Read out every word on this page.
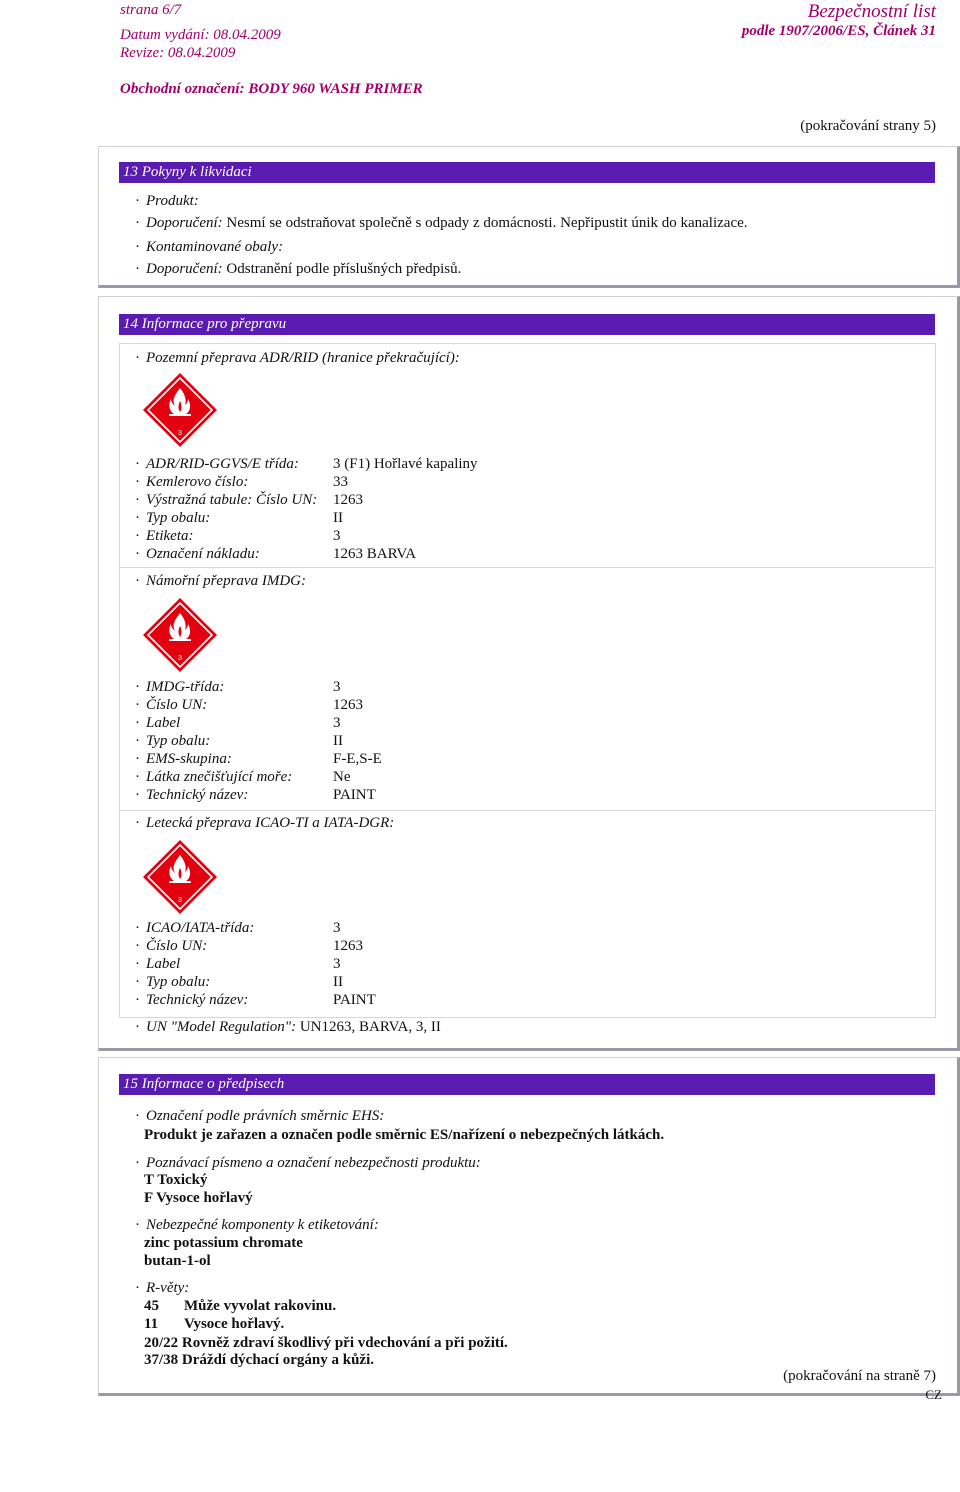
strana 6/7
Datum vydání: 08.04.2009
Revize: 08.04.2009
Bezpečnostní list
podle 1907/2006/ES, Článek 31
Obchodní označení: BODY 960 WASH PRIMER
(pokračování strany 5)
13 Pokyny k likvidaci
· Produkt:
· Doporučení: Nesmí se odstraňovat společně s odpady z domácnosti. Nepřipustit únik do kanalizace.
· Kontaminované obaly:
· Doporučení: Odstranění podle příslušných předpisů.
14 Informace pro přepravu
· Pozemní přeprava ADR/RID (hranice překračující):
3
· ADR/RID-GGVS/E třída: 3 (F1) Hořlavé kapaliny
· Kemlerovo číslo:	33
· Výstražná tabule: Číslo UN: 1263
· Typ obalu:	II
· Etiketa:	3
· Označení nákladu:	1263 BARVA
· Námořní přeprava IMDG:
3
· IMDG-třída:	3
· Číslo UN:	1263
· Label	3
· Typ obalu:	II
· EMS-skupina:	F-E,S-E
· Látka znečišťující moře:	Ne
· Technický název:	PAINT
· Letecká přeprava ICAO-TI a IATA-DGR:
3
· ICAO/IATA-třída:	3
· Číslo UN:	1263
· Label	3
· Typ obalu:	II
· Technický název:	PAINT
· UN "Model Regulation": UN1263, BARVA, 3, II
15 Informace o předpisech
· Označení podle právních směrnic EHS:
Produkt je zařazen a označen podle směrnic ES/nařízení o nebezpečných látkách.
· Poznávací písmeno a označení nebezpečnosti produktu:
T Toxický
F Vysoce hořlavý
· Nebezpečné komponenty k etiketování:
zinc potassium chromate
butan-1-ol
· R-věty:
45 Může vyvolat rakovinu.
11 Vysoce hořlavý.
20/22 Rovněž zdraví škodlivý při vdechování a při požití.
37/38 Dráždí dýchací orgány a kůži.
(pokračování na straně 7)
CZ
